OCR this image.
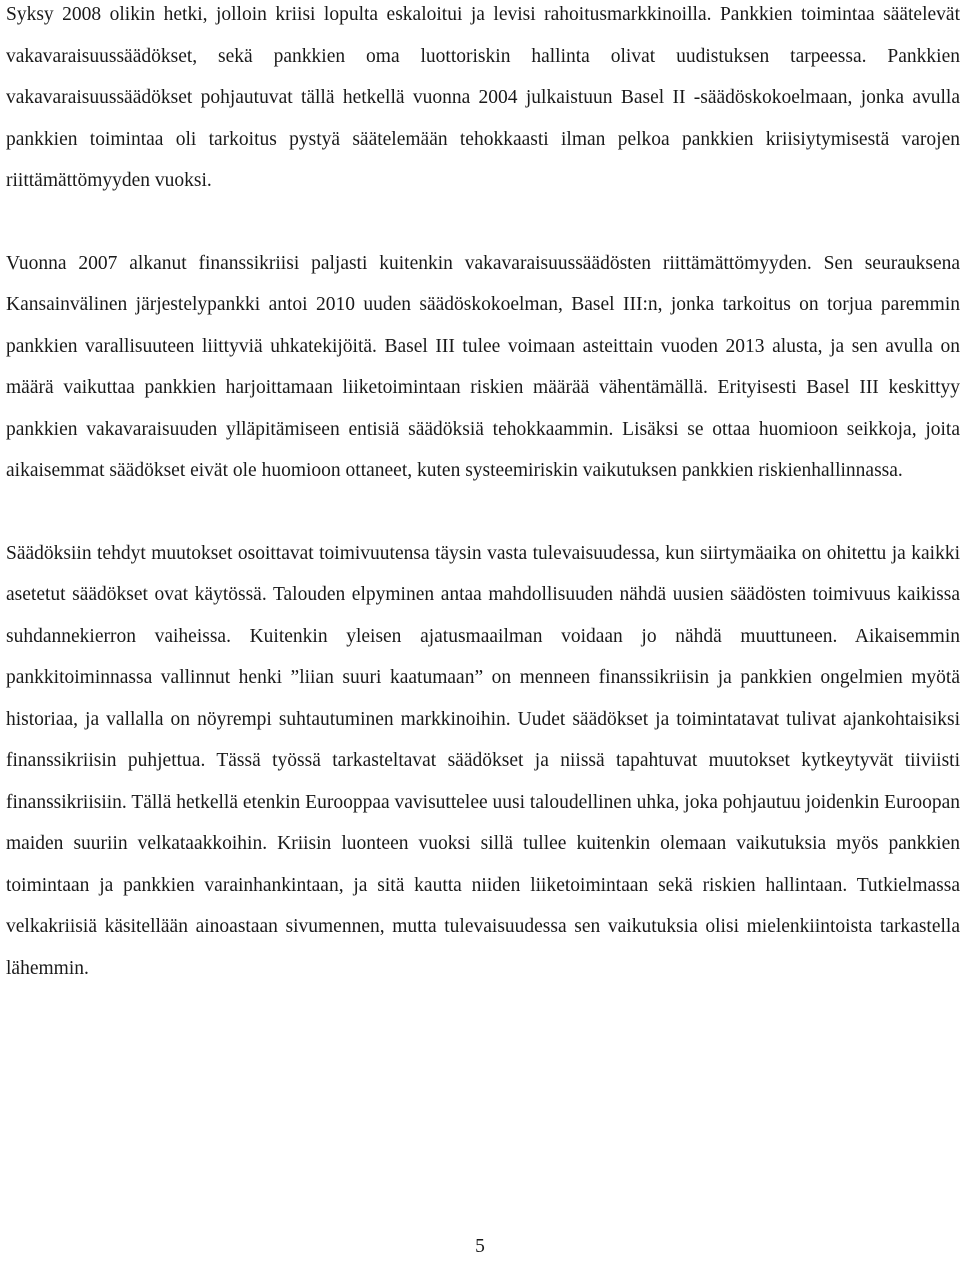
Syksy 2008 olikin hetki, jolloin kriisi lopulta eskaloitui ja levisi rahoitusmarkkinoilla. Pankkien toimintaa säätelevät vakavaraisuussäädökset, sekä pankkien oma luottoriskin hallinta olivat uudistuksen tarpeessa. Pankkien vakavaraisuussäädökset pohjautuvat tällä hetkellä vuonna 2004 julkaistuun Basel II -säädöskokoelmaan, jonka avulla pankkien toimintaa oli tarkoitus pystyä säätelemään tehokkaasti ilman pelkoa pankkien kriisiytymisestä varojen riittämättömyyden vuoksi.

Vuonna 2007 alkanut finanssikriisi paljasti kuitenkin vakavaraisuussäädösten riittämättömyyden. Sen seurauksena Kansainvälinen järjestelypankki antoi 2010 uuden säädöskokoelman, Basel III:n, jonka tarkoitus on torjua paremmin pankkien varallisuuteen liittyviä uhkatekijöitä. Basel III tulee voimaan asteittain vuoden 2013 alusta, ja sen avulla on määrä vaikuttaa pankkien harjoittamaan liiketoimintaan riskien määrää vähentämällä. Erityisesti Basel III keskittyy pankkien vakavaraisuuden ylläpitämiseen entisiä säädöksiä tehokkaammin. Lisäksi se ottaa huomioon seikkoja, joita aikaisemmat säädökset eivät ole huomioon ottaneet, kuten systeemiriskin vaikutuksen pankkien riskienhallinnassa.

Säädöksiin tehdyt muutokset osoittavat toimivuutensa täysin vasta tulevaisuudessa, kun siirtymäaika on ohitettu ja kaikki asetetut säädökset ovat käytössä. Talouden elpyminen antaa mahdollisuuden nähdä uusien säädösten toimivuus kaikissa suhdannekierron vaiheissa. Kuitenkin yleisen ajatusmaailman voidaan jo nähdä muuttuneen. Aikaisemmin pankkitoiminnassa vallinnut henki ”liian suuri kaatumaan” on menneen finanssikriisin ja pankkien ongelmien myötä historiaa, ja vallalla on nöyrempi suhtautuminen markkinoihin. Uudet säädökset ja toimintatavat tulivat ajankohtaisiksi finanssikriisin puhjettua. Tässä työssä tarkasteltavat säädökset ja niissä tapahtuvat muutokset kytkeytyvät tiiviisti finanssikriisiin. Tällä hetkellä etenkin Eurooppaa vavisuttelee uusi taloudellinen uhka, joka pohjautuu joidenkin Euroopan maiden suuriin velkataakkoihin. Kriisin luonteen vuoksi sillä tullee kuitenkin olemaan vaikutuksia myös pankkien toimintaan ja pankkien varainhankintaan, ja sitä kautta niiden liiketoimintaan sekä riskien hallintaan. Tutkielmassa velkakriisiä käsitellään ainoastaan sivumennen, mutta tulevaisuudessa sen vaikutuksia olisi mielenkiintoista tarkastella lähemmin.

5
